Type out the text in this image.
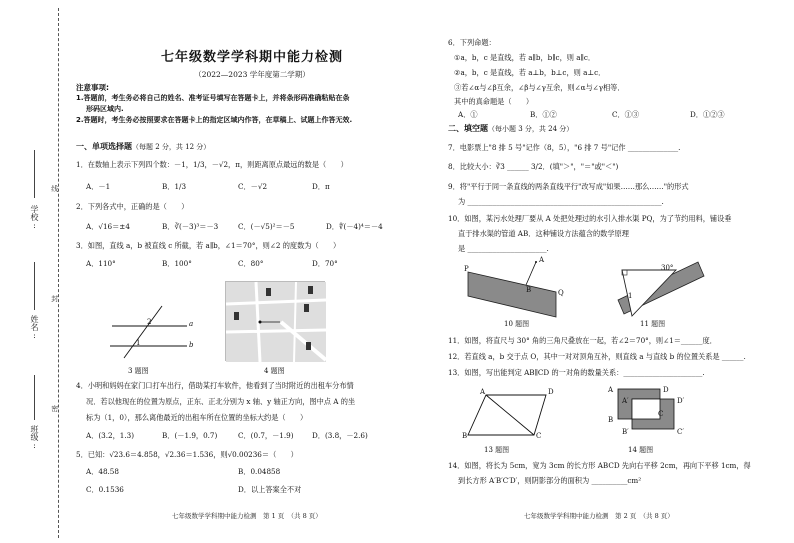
学校:
姓名:
班级:
线
封
密
七年级数学学科期中能力检测
（2022—2023 学年度第二学期）
注意事项:
1.答题前，考生务必将自己的姓名、准考证号填写在答题卡上，并将条形码准确粘贴在条
形码区域内.
2.答题时，考生务必按照要求在答题卡上的指定区域内作答，在草稿上、试题上作答无效.
一、单项选择题（每题 2 分，共 12 分）
1．在数轴上表示下列四个数：－1，1/3，－√2，π，则距离原点最远的数是（　　）
A．－1	B．1/3	C．－√2	D．π
2．下列各式中，正确的是（　　）
A．√16＝±4	B．∛(－3)³＝－3	C．(－√5)²＝－5	D．∜(－4)⁴＝－4
3．如图，直线 a，b 被直线 c 所截，若 a∥b，∠1＝70°，则∠2 的度数为（　　）
A．110°	B．100°	C．80°	D．70°
2
1
a
b
3 题图	4 题图
4．小明和妈妈在家门口打车出行，借助某打车软件，他看到了当时附近的出租车分布情
况．若以他现在的位置为原点，正东、正北分别为 x 轴、y 轴正方向，图中点 A 的坐
标为（1，0），那么离他最近的出租车所在位置的坐标大约是（　　）
A．(3.2，1.3)	B．(－1.9，0.7)	C．(0.7，－1.9)	D．(3.8，－2.6)
5．已知：√23.6＝4.858，√2.36＝1.536，则√0.00236＝（　　）
A．48.58	B．0.04858
C．0.1536	D．以上答案全不对
七年级数学学科期中能力检测　第 1 页　（共 8 页）
6．下列命题：
①a，b，c 是直线，若 a∥b，b∥c，则 a∥c．
②a，b，c 是直线，若 a⊥b，b⊥c，则 a⊥c．
③若∠α与∠β互余，∠β与∠γ互余，则∠α与∠γ相等．
其中的真命题是（　　）
A．①	B．①②	C．①③	D．①②③
二、填空题（每小题 3 分，共 24 分）
7．电影票上"8 排 5 号"记作（8，5），"6 排 7 号"记作 ______________.
8．比较大小：∛3 ______ 3/2．(填"＞"，"＝"或"＜")
9．将"平行于同一条直线的两条直线平行"改写成"如果……那么……"的形式
为 ______________________________________________________.
10．如图，某污水处理厂要从 A 处把处理过的水引入排水渠 PQ，为了节约用料，铺设垂
直于排水渠的管道 AB．这种铺设方法蕴含的数学原理
是 ______________________.
P
A
B	Q
10 题图
30°
1
11 题图
11．如图，将直尺与 30° 角的三角尺叠放在一起，若∠2＝70°，则∠1＝______度．
12．若直线 a，b 交于点 O，其中一对对顶角互补，则直线 a 与直线 b 的位置关系是 ______.
13．如图，写出能判定 AB∥CD 的一对角的数量关系：______________________.
A	D
B	C
13 题图
A	D
A′	D′
B
C
B′	C′
14 题图
14．如图，将长为 5cm，宽为 3cm 的长方形 ABCD 先向右平移 2cm，再向下平移 1cm，得
到长方形 A′B′C′D′，则阴影部分的面积为 __________cm²
七年级数学学科期中能力检测　第 2 页　（共 8 页）
